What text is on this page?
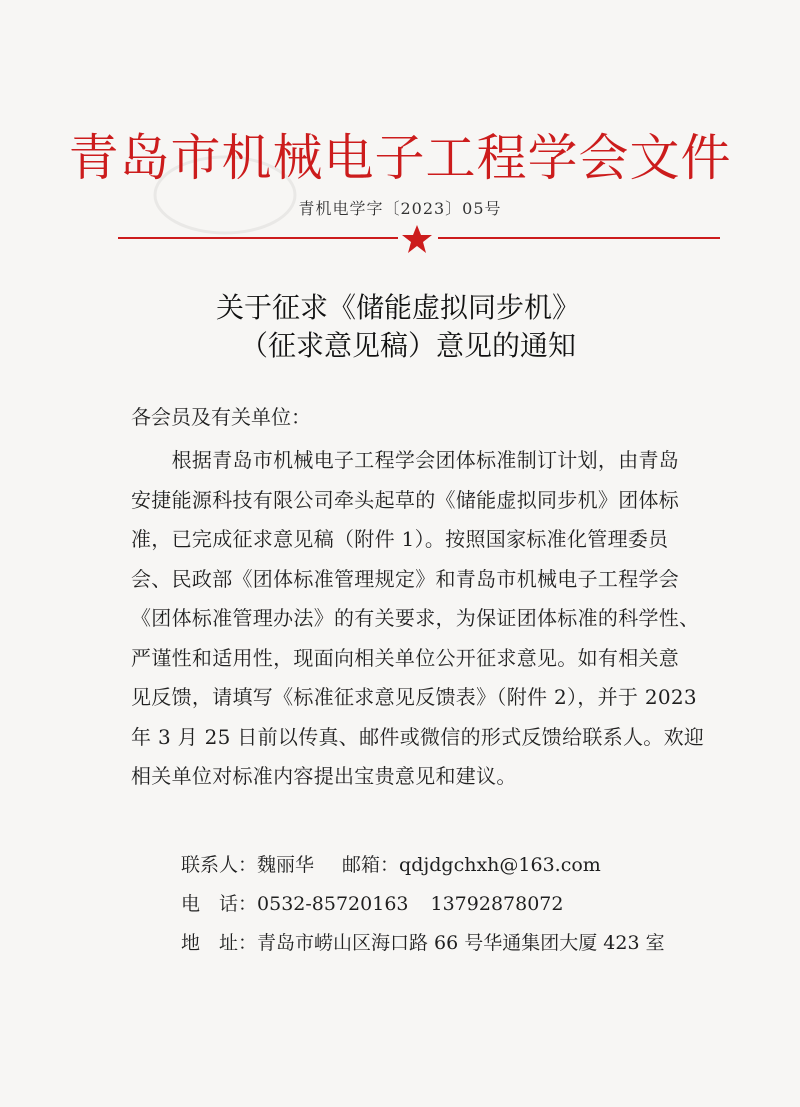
青岛市机械电子工程学会文件
青机电学字〔2023〕05号
关于征求《储能虚拟同步机》
（征求意见稿）意见的通知
各会员及有关单位：
　　根据青岛市机械电子工程学会团体标准制订计划，由青岛
安捷能源科技有限公司牵头起草的《储能虚拟同步机》团体标
准，已完成征求意见稿（附件 1）。按照国家标准化管理委员
会、民政部《团体标准管理规定》和青岛市机械电子工程学会
《团体标准管理办法》的有关要求，为保证团体标准的科学性、
严谨性和适用性，现面向相关单位公开征求意见。如有相关意
见反馈，请填写《标准征求意见反馈表》（附件 2），并于 2023
年 3 月 25 日前以传真、邮件或微信的形式反馈给联系人。欢迎
相关单位对标准内容提出宝贵意见和建议。
联系人：魏丽华 邮箱：qdjdgchxh@163.com
电　话：0532-85720163 13792878072
地　址：青岛市崂山区海口路 66 号华通集团大厦 423 室
